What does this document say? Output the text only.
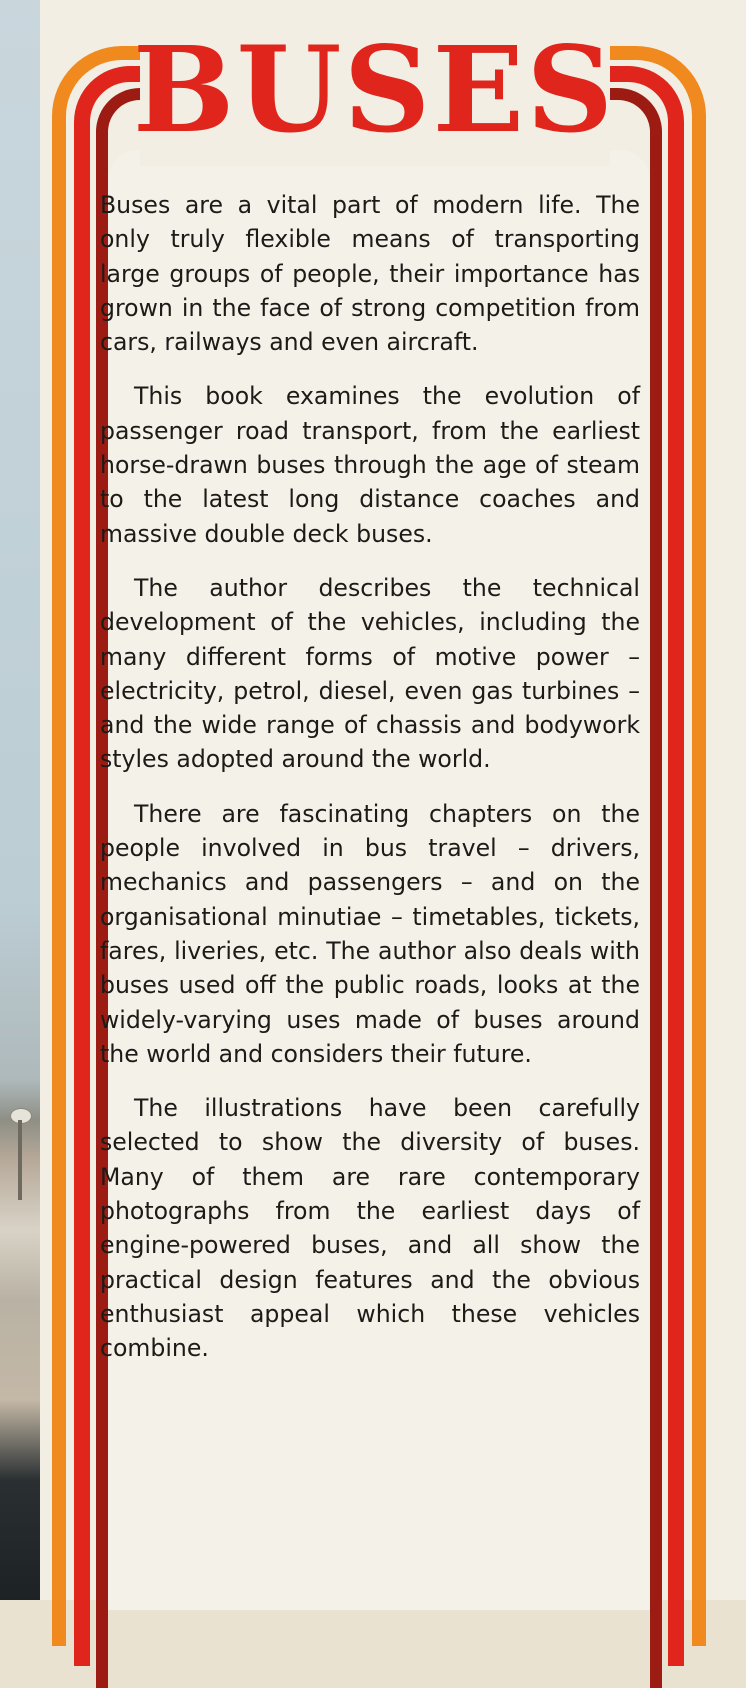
BUSES

Buses are a vital part of modern life. The only truly flexible means of transporting large groups of people, their importance has grown in the face of strong competition from cars, railways and even aircraft.

This book examines the evolution of passenger road transport, from the earliest horse-drawn buses through the age of steam to the latest long distance coaches and massive double deck buses.

The author describes the technical development of the vehicles, including the many different forms of motive power – electricity, petrol, diesel, even gas turbines – and the wide range of chassis and bodywork styles adopted around the world.

There are fascinating chapters on the people involved in bus travel – drivers, mechanics and passengers – and on the organisational minutiae – timetables, tickets, fares, liveries, etc. The author also deals with buses used off the public roads, looks at the widely-varying uses made of buses around the world and considers their future.

The illustrations have been carefully selected to show the diversity of buses. Many of them are rare contemporary photographs from the earliest days of engine-powered buses, and all show the practical design features and the obvious enthusiast appeal which these vehicles combine.
